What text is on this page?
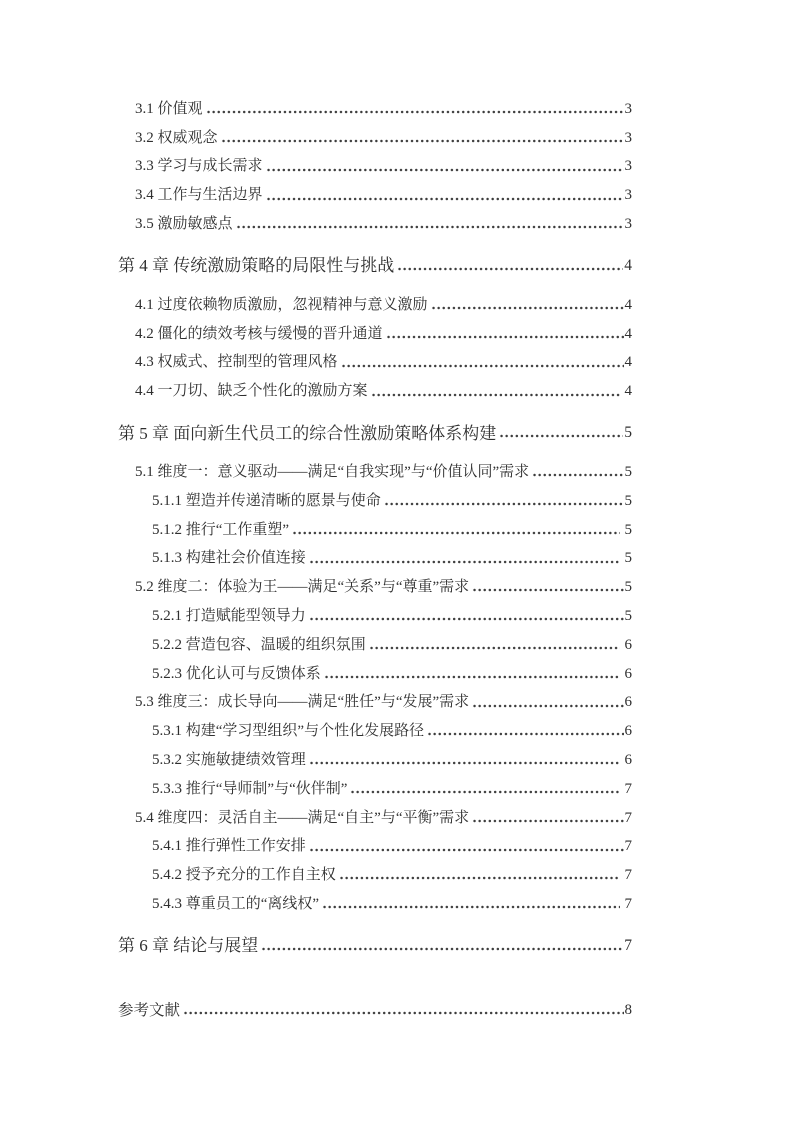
3.1 价值观	3
3.2 权威观念	3
3.3 学习与成长需求	3
3.4 工作与生活边界	3
3.5 激励敏感点	3
第 4 章 传统激励策略的局限性与挑战	4
4.1 过度依赖物质激励，忽视精神与意义激励	4
4.2 僵化的绩效考核与缓慢的晋升通道	4
4.3 权威式、控制型的管理风格	4
4.4 一刀切、缺乏个性化的激励方案	4
第 5 章 面向新生代员工的综合性激励策略体系构建	5
5.1 维度一：意义驱动——满足“自我实现”与“价值认同”需求	5
5.1.1 塑造并传递清晰的愿景与使命	5
5.1.2 推行“工作重塑”	5
5.1.3 构建社会价值连接	5
5.2 维度二：体验为王——满足“关系”与“尊重”需求	5
5.2.1 打造赋能型领导力	5
5.2.2 营造包容、温暖的组织氛围	6
5.2.3 优化认可与反馈体系	6
5.3 维度三：成长导向——满足“胜任”与“发展”需求	6
5.3.1 构建“学习型组织”与个性化发展路径	6
5.3.2 实施敏捷绩效管理	6
5.3.3 推行“导师制”与“伙伴制”	7
5.4 维度四：灵活自主——满足“自主”与“平衡”需求	7
5.4.1 推行弹性工作安排	7
5.4.2 授予充分的工作自主权	7
5.4.3 尊重员工的“离线权”	7
第 6 章 结论与展望	7
参考文献	8
